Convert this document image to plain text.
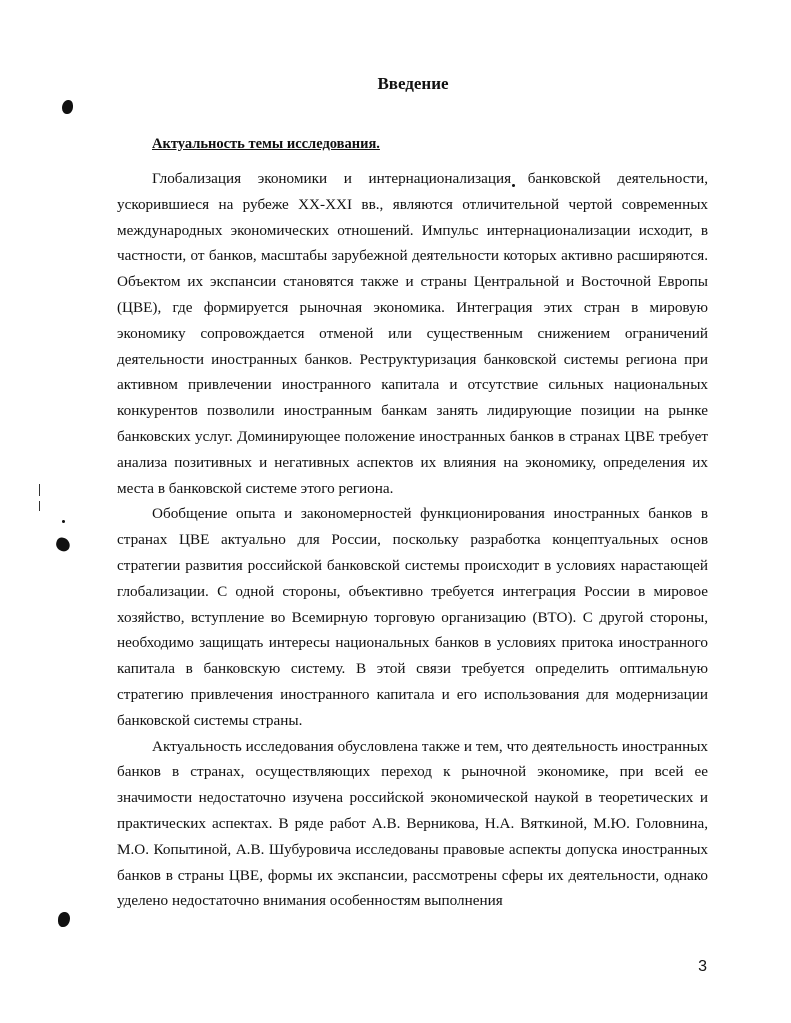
Введение
Актуальность темы исследования.

Глобализация экономики и интернационализация банковской деятельности, ускорившиеся на рубеже XX-XXI вв., являются отличительной чертой современных международных экономических отношений. Импульс интернационализации исходит, в частности, от банков, масштабы зарубежной деятельности которых активно расширяются. Объектом их экспансии становятся также и страны Центральной и Восточной Европы (ЦВЕ), где формируется рыночная экономика. Интеграция этих стран в мировую экономику сопровождается отменой или существенным снижением ограничений деятельности иностранных банков. Реструктуризация банковской системы региона при активном привлечении иностранного капитала и отсутствие сильных национальных конкурентов позволили иностранным банкам занять лидирующие позиции на рынке банковских услуг. Доминирующее положение иностранных банков в странах ЦВЕ требует анализа позитивных и негативных аспектов их влияния на экономику, определения их места в банковской системе этого региона.

Обобщение опыта и закономерностей функционирования иностранных банков в странах ЦВЕ актуально для России, поскольку разработка концептуальных основ стратегии развития российской банковской системы происходит в условиях нарастающей глобализации. С одной стороны, объективно требуется интеграция России в мировое хозяйство, вступление во Всемирную торговую организацию (ВТО). С другой стороны, необходимо защищать интересы национальных банков в условиях притока иностранного капитала в банковскую систему. В этой связи требуется определить оптимальную стратегию привлечения иностранного капитала и его использования для модернизации банковской системы страны.

Актуальность исследования обусловлена также и тем, что деятельность иностранных банков в странах, осуществляющих переход к рыночной экономике, при всей ее значимости недостаточно изучена российской экономической наукой в теоретических и практических аспектах. В ряде работ А.В. Верникова, Н.А. Вяткиной, М.Ю. Головнина, М.О. Копытиной, А.В. Шубуровича исследованы правовые аспекты допуска иностранных банков в страны ЦВЕ, формы их экспансии, рассмотрены сферы их деятельности, однако уделено недостаточно внимания особенностям выполнения

3
